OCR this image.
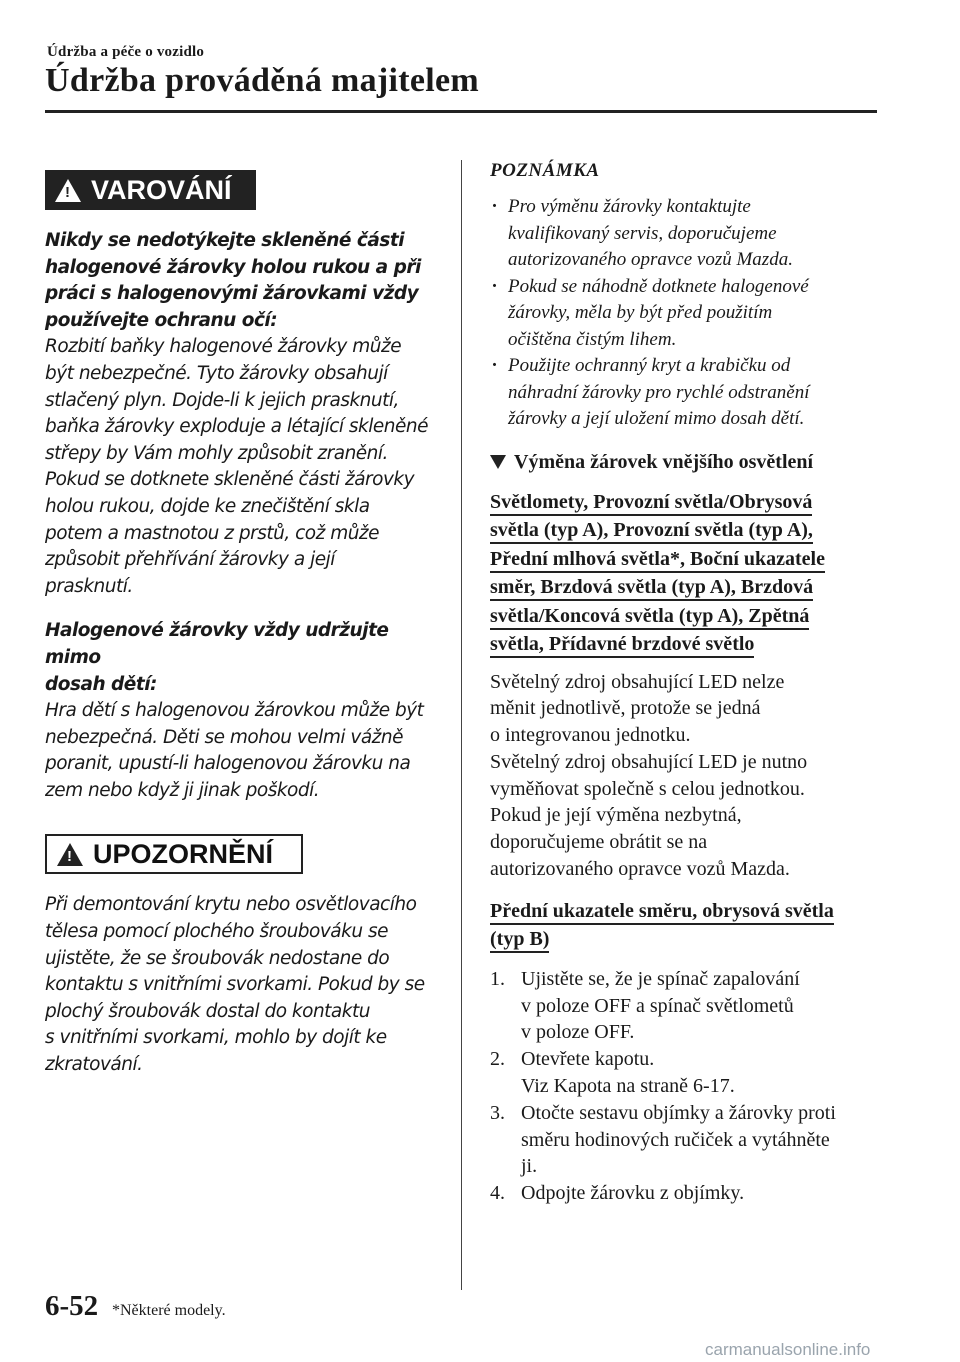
Údržba a péče o vozidlo
Údržba prováděná majitelem
!
VAROVÁNÍ
Nikdy se nedotýkejte skleněné části
halogenové žárovky holou rukou a při
práci s halogenovými žárovkami vždy
používejte ochranu očí:
Rozbití baňky halogenové žárovky může
být nebezpečné. Tyto žárovky obsahují
stlačený plyn. Dojde-li k jejich prasknutí,
baňka žárovky exploduje a létající skleněné
střepy by Vám mohly způsobit zranění.
Pokud se dotknete skleněné části žárovky
holou rukou, dojde ke znečištění skla
potem a mastnotou z prstů, což může
způsobit přehřívání žárovky a její
prasknutí.
Halogenové žárovky vždy udržujte mimo
dosah dětí:
Hra dětí s halogenovou žárovkou může být
nebezpečná. Děti se mohou velmi vážně
poranit, upustí-li halogenovou žárovku na
zem nebo když ji jinak poškodí.
!
UPOZORNĚNÍ
Při demontování krytu nebo osvětlovacího
tělesa pomocí plochého šroubováku se
ujistěte, že se šroubovák nedostane do
kontaktu s vnitřními svorkami. Pokud by se
plochý šroubovák dostal do kontaktu
s vnitřními svorkami, mohlo by dojít ke
zkratování.
POZNÁMKA
· Pro výměnu žárovky kontaktujte
kvalifikovaný servis, doporučujeme
autorizovaného opravce vozů Mazda.
· Pokud se náhodně dotknete halogenové
žárovky, měla by být před použitím
očištěna čistým lihem.
· Použijte ochranný kryt a krabičku od
náhradní žárovky pro rychlé odstranění
žárovky a její uložení mimo dosah dětí.
Výměna žárovek vnějšího osvětlení
Světlomety, Provozní světla/Obrysová
světla (typ A), Provozní světla (typ A),
Přední mlhová světla*, Boční ukazatele
směr, Brzdová světla (typ A), Brzdová
světla/Koncová světla (typ A), Zpětná
světla, Přídavné brzdové světlo
Světelný zdroj obsahující LED nelze
měnit jednotlivě, protože se jedná
o integrovanou jednotku.
Světelný zdroj obsahující LED je nutno
vyměňovat společně s celou jednotkou.
Pokud je její výměna nezbytná,
doporučujeme obrátit se na
autorizovaného opravce vozů Mazda.
Přední ukazatele směru, obrysová světla
(typ B)
1. Ujistěte se, že je spínač zapalování
v poloze OFF a spínač světlometů
v poloze OFF.
2. Otevřete kapotu.
Viz Kapota na straně 6-17.
3. Otočte sestavu objímky a žárovky proti
směru hodinových ručiček a vytáhněte
ji.
4. Odpojte žárovku z objímky.
6-52 *Některé modely.
carmanualsonline.info
